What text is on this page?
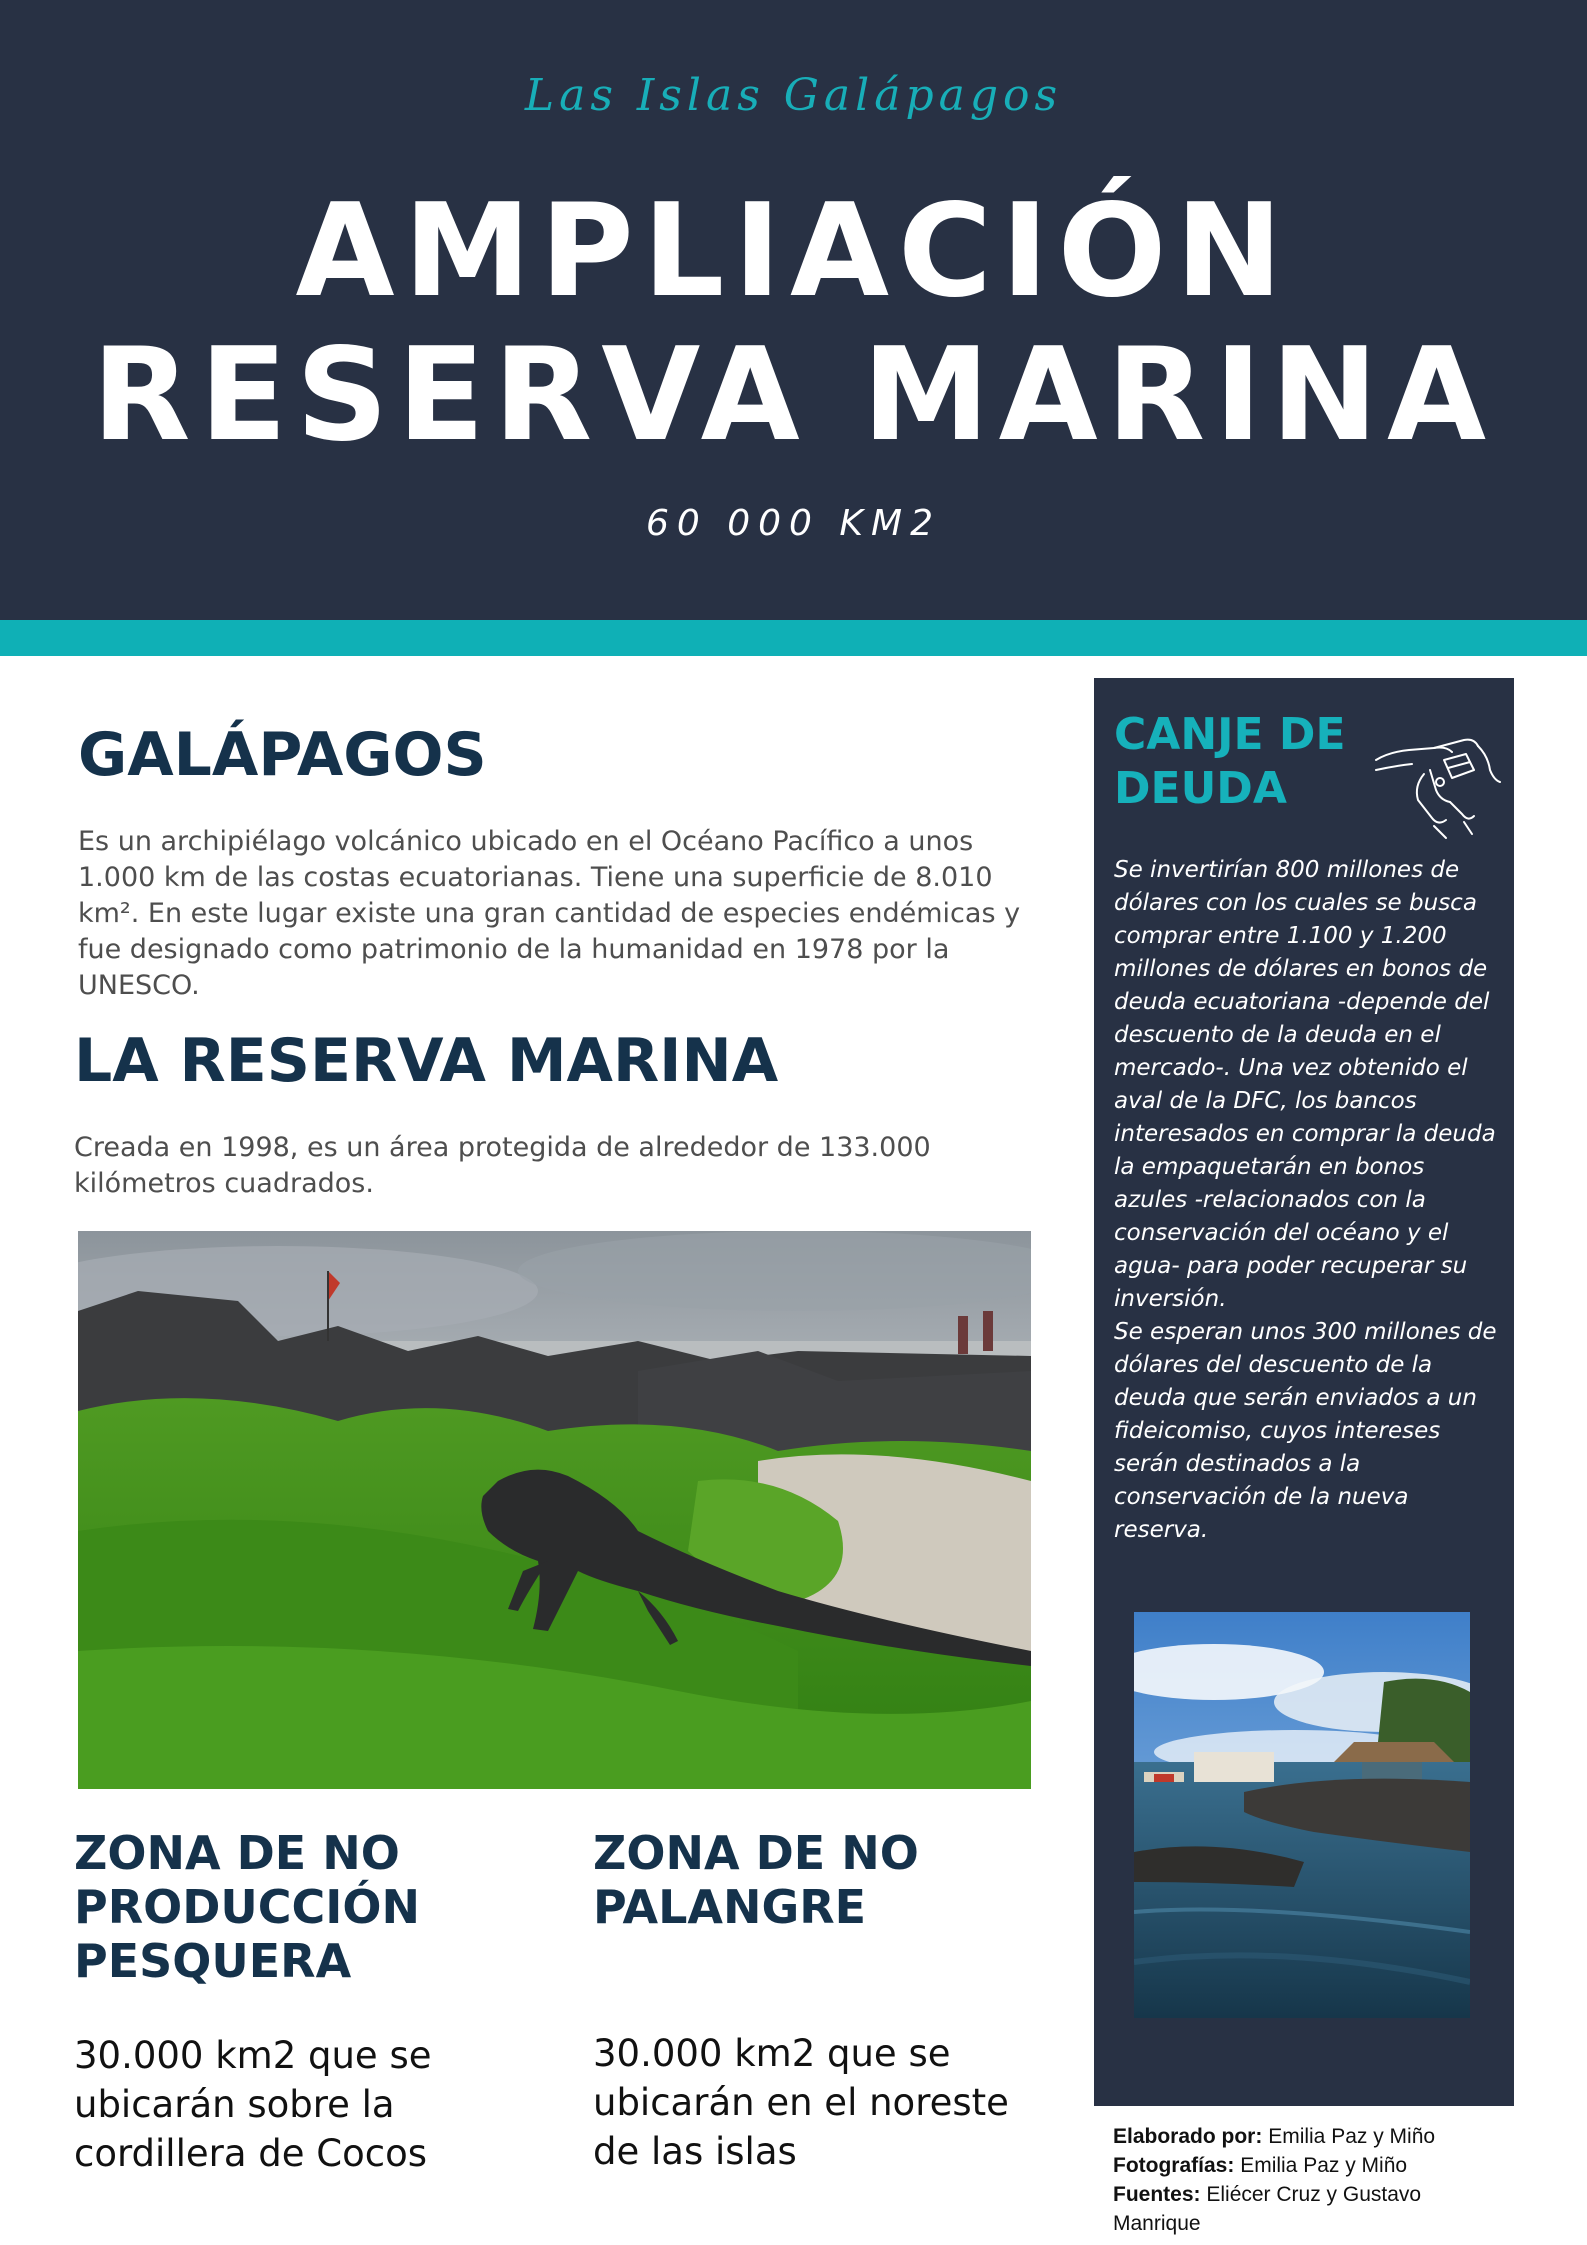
Las Islas Galápagos
AMPLIACIÓN
RESERVA MARINA
60 000 KM2
GALÁPAGOS
Es un archipiélago volcánico ubicado en el Océano Pacífico a unos 1.000 km de las costas ecuatorianas. Tiene una superficie de 8.010 km². En este lugar existe una gran cantidad de especies endémicas y fue designado como patrimonio de la humanidad en 1978 por la UNESCO.
LA RESERVA MARINA
Creada en 1998, es un área protegida de alrededor de 133.000 kilómetros cuadrados.
ZONA DE NO PRODUCCIÓN PESQUERA
30.000 km2 que se ubicarán sobre la cordillera de Cocos
ZONA DE NO PALANGRE
30.000 km2 que se ubicarán en el noreste de las islas
CANJE DE DEUDA
Se invertirían 800 millones de dólares con los cuales se busca comprar entre 1.100 y 1.200 millones de dólares en bonos de deuda ecuatoriana -depende del descuento de la deuda en el mercado-. Una vez obtenido el aval de la DFC, los bancos interesados en comprar la deuda la empaquetarán en bonos azules -relacionados con la conservación del océano y el agua- para poder recuperar su inversión.
Se esperan unos 300 millones de dólares del descuento de la deuda que serán enviados a un fideicomiso, cuyos intereses serán destinados a la conservación de la nueva reserva.
Elaborado por: Emilia Paz y Miño
Fotografías: Emilia Paz y Miño
Fuentes: Eliécer Cruz y Gustavo Manrique
